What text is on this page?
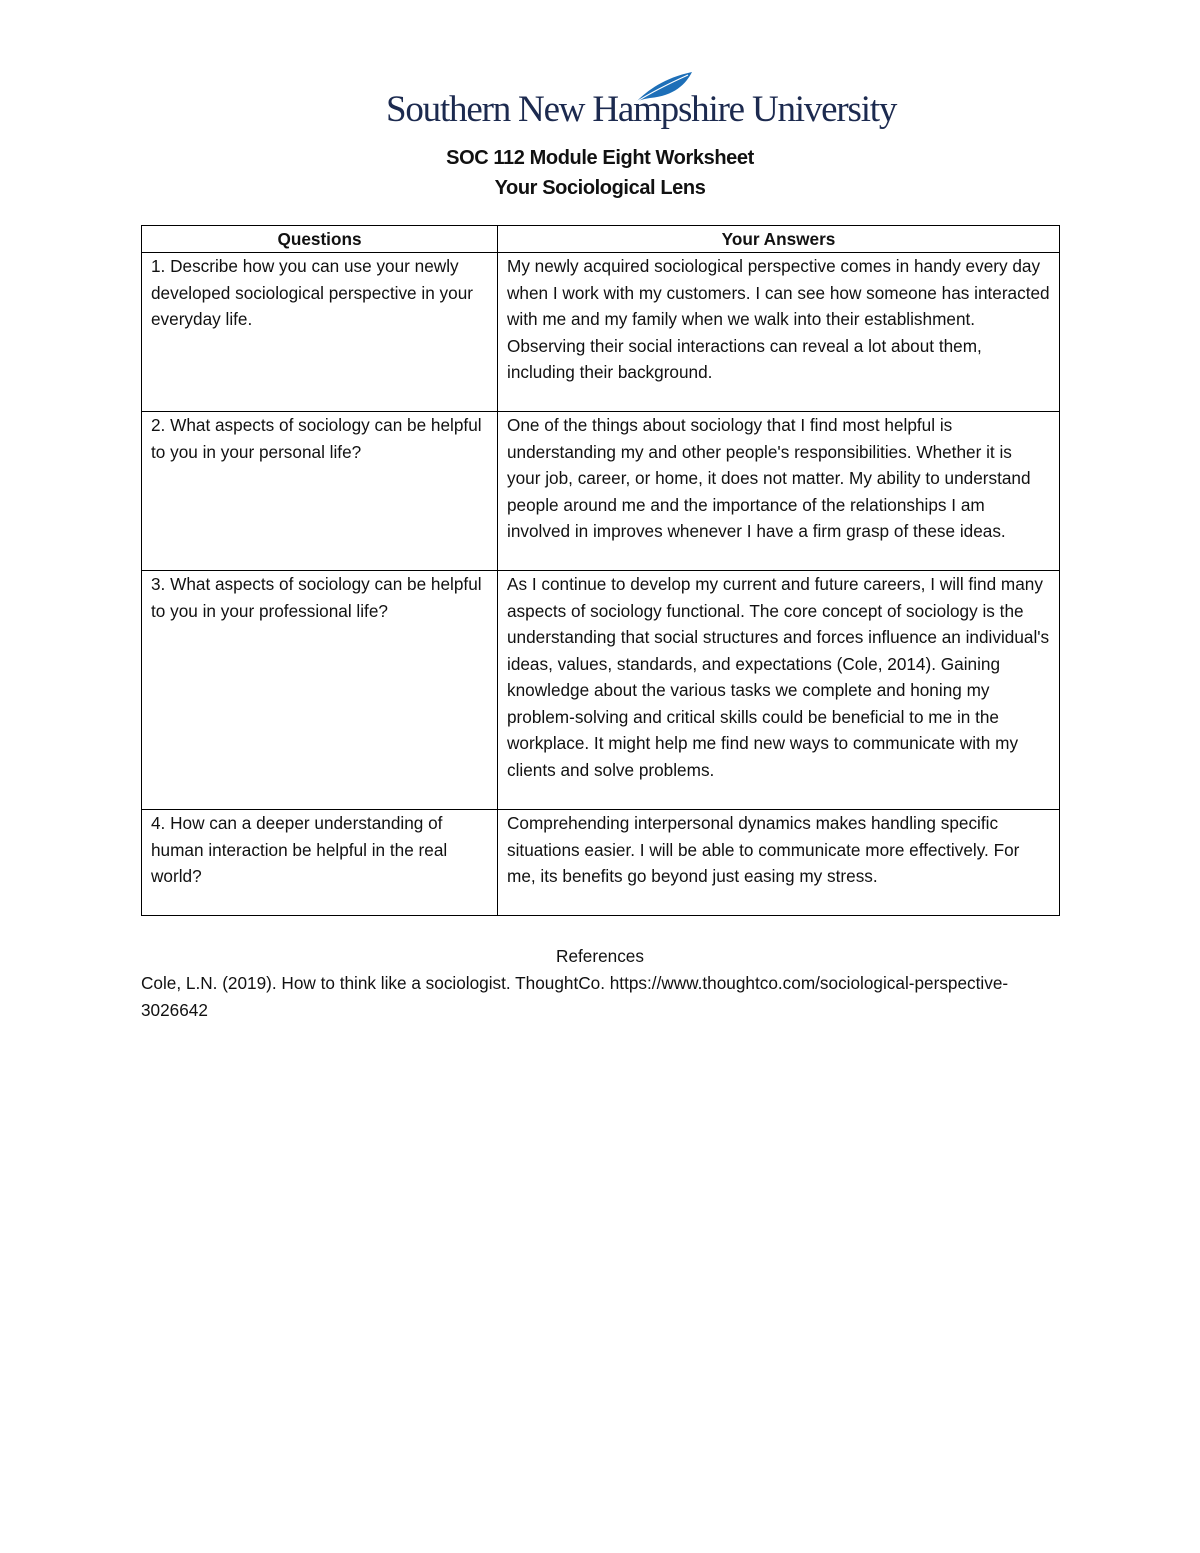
Southern New Hampshire University
SOC 112 Module Eight Worksheet
Your Sociological Lens
Questions	Your Answers
1. Describe how you can use your newly developed sociological perspective in your everyday life.	My newly acquired sociological perspective comes in handy every day when I work with my customers. I can see how someone has interacted with me and my family when we walk into their establishment. Observing their social interactions can reveal a lot about them, including their background.
2. What aspects of sociology can be helpful to you in your personal life?	One of the things about sociology that I find most helpful is understanding my and other people's responsibilities. Whether it is your job, career, or home, it does not matter. My ability to understand people around me and the importance of the relationships I am involved in improves whenever I have a firm grasp of these ideas.
3. What aspects of sociology can be helpful to you in your professional life?	As I continue to develop my current and future careers, I will find many aspects of sociology functional. The core concept of sociology is the understanding that social structures and forces influence an individual's ideas, values, standards, and expectations (Cole, 2014). Gaining knowledge about the various tasks we complete and honing my problem-solving and critical skills could be beneficial to me in the workplace. It might help me find new ways to communicate with my clients and solve problems.
4. How can a deeper understanding of human interaction be helpful in the real world?	Comprehending interpersonal dynamics makes handling specific situations easier. I will be able to communicate more effectively. For me, its benefits go beyond just easing my stress.
References
Cole, L.N. (2019). How to think like a sociologist. ThoughtCo. https://www.thoughtco.com/sociological-perspective-3026642
